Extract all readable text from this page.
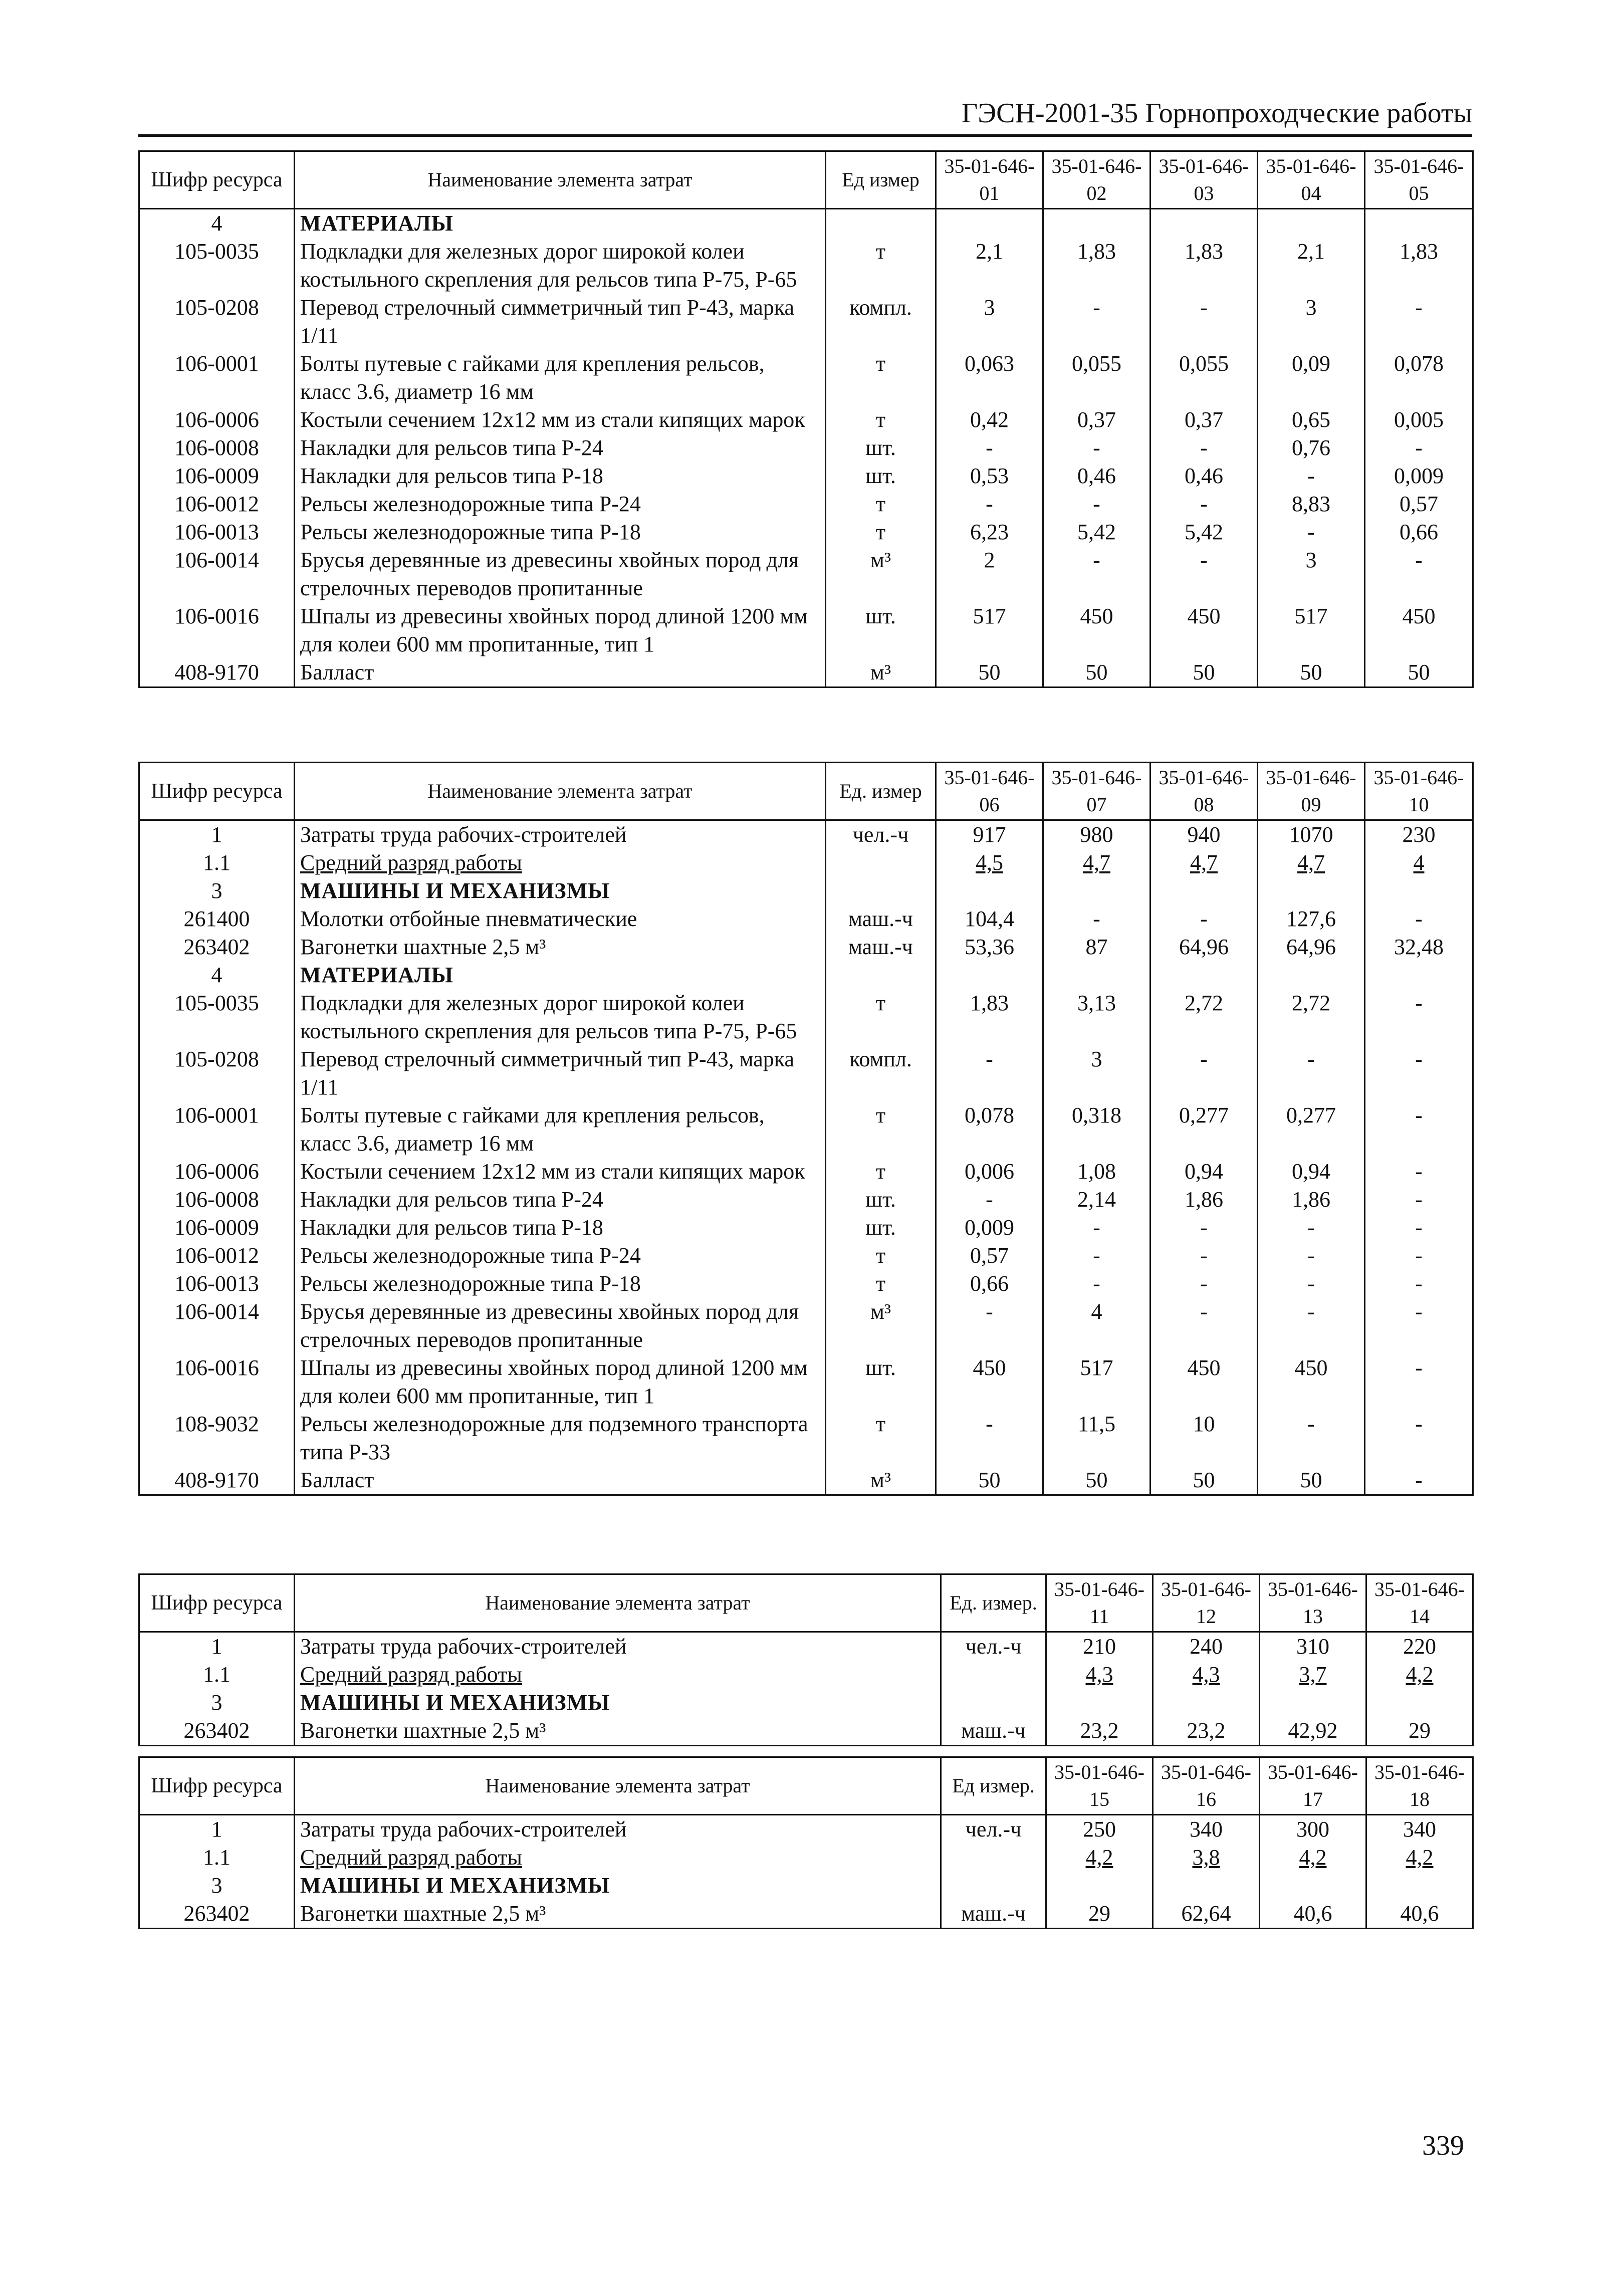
ГЭСН-2001-35 Горнопроходческие работы
Шифр ресурса	Наименование элемента затрат	Ед измер	35-01-646-01	35-01-646-02	35-01-646-03	35-01-646-04	35-01-646-05
4	МАТЕРИАЛЫ						
105-0035	Подкладки для железных дорог широкой колеи костыльного скрепления для рельсов типа Р-75, Р-65	т	2,1	1,83	1,83	2,1	1,83
105-0208	Перевод стрелочный симметричный тип Р-43, марка 1/11	компл.	3	-	-	3	-
106-0001	Болты путевые с гайками для крепления рельсов, класс 3.6, диаметр 16 мм	т	0,063	0,055	0,055	0,09	0,078
106-0006	Костыли сечением 12х12 мм из стали кипящих марок	т	0,42	0,37	0,37	0,65	0,005
106-0008	Накладки для рельсов типа Р-24	шт.	-	-	-	0,76	-
106-0009	Накладки для рельсов типа Р-18	шт.	0,53	0,46	0,46	-	0,009
106-0012	Рельсы железнодорожные типа Р-24	т	-	-	-	8,83	0,57
106-0013	Рельсы железнодорожные типа Р-18	т	6,23	5,42	5,42	-	0,66
106-0014	Брусья деревянные из древесины хвойных пород для стрелочных переводов пропитанные	м³	2	-	-	3	-
106-0016	Шпалы из древесины хвойных пород длиной 1200 мм для колеи 600 мм пропитанные, тип 1	шт.	517	450	450	517	450
408-9170	Балласт	м³	50	50	50	50	50
Шифр ресурса	Наименование элемента затрат	Ед. измер	35-01-646-06	35-01-646-07	35-01-646-08	35-01-646-09	35-01-646-10
1	Затраты труда рабочих-строителей	чел.-ч	917	980	940	1070	230
1.1	Средний разряд работы		4,5	4,7	4,7	4,7	4
3	МАШИНЫ И МЕХАНИЗМЫ						
261400	Молотки отбойные пневматические	маш.-ч	104,4	-	-	127,6	-
263402	Вагонетки шахтные 2,5 м³	маш.-ч	53,36	87	64,96	64,96	32,48
4	МАТЕРИАЛЫ						
105-0035	Подкладки для железных дорог широкой колеи костыльного скрепления для рельсов типа Р-75, Р-65	т	1,83	3,13	2,72	2,72	-
105-0208	Перевод стрелочный симметричный тип Р-43, марка 1/11	компл.	-	3	-	-	-
106-0001	Болты путевые с гайками для крепления рельсов, класс 3.6, диаметр 16 мм	т	0,078	0,318	0,277	0,277	-
106-0006	Костыли сечением 12х12 мм из стали кипящих марок	т	0,006	1,08	0,94	0,94	-
106-0008	Накладки для рельсов типа Р-24	шт.	-	2,14	1,86	1,86	-
106-0009	Накладки для рельсов типа Р-18	шт.	0,009	-	-	-	-
106-0012	Рельсы железнодорожные типа Р-24	т	0,57	-	-	-	-
106-0013	Рельсы железнодорожные типа Р-18	т	0,66	-	-	-	-
106-0014	Брусья деревянные из древесины хвойных пород для стрелочных переводов пропитанные	м³	-	4	-	-	-
106-0016	Шпалы из древесины хвойных пород длиной 1200 мм для колеи 600 мм пропитанные, тип 1	шт.	450	517	450	450	-
108-9032	Рельсы железнодорожные для подземного транспорта типа Р-33	т	-	11,5	10	-	-
408-9170	Балласт	м³	50	50	50	50	-
Шифр ресурса	Наименование элемента затрат	Ед. измер.	35-01-646-11	35-01-646-12	35-01-646-13	35-01-646-14
1	Затраты труда рабочих-строителей	чел.-ч	210	240	310	220
1.1	Средний разряд работы		4,3	4,3	3,7	4,2
3	МАШИНЫ И МЕХАНИЗМЫ					
263402	Вагонетки шахтные 2,5 м³	маш.-ч	23,2	23,2	42,92	29
Шифр ресурса	Наименование элемента затрат	Ед измер.	35-01-646-15	35-01-646-16	35-01-646-17	35-01-646-18
1	Затраты труда рабочих-строителей	чел.-ч	250	340	300	340
1.1	Средний разряд работы		4,2	3,8	4,2	4,2
3	МАШИНЫ И МЕХАНИЗМЫ					
263402	Вагонетки шахтные 2,5 м³	маш.-ч	29	62,64	40,6	40,6
339
